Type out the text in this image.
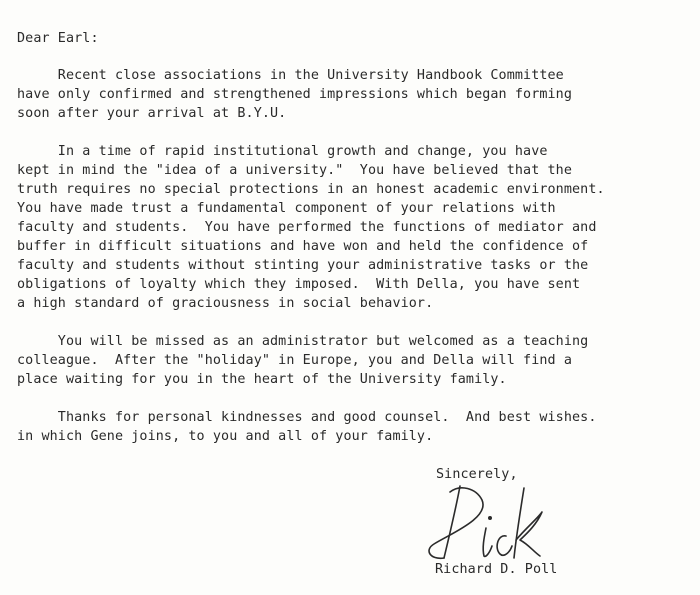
Dear Earl:
Recent close associations in the University Handbook Committee
have only confirmed and strengthened impressions which began forming
soon after your arrival at B.Y.U.
In a time of rapid institutional growth and change, you have
kept in mind the "idea of a university."  You have believed that the
truth requires no special protections in an honest academic environment.
You have made trust a fundamental component of your relations with
faculty and students.  You have performed the functions of mediator and
buffer in difficult situations and have won and held the confidence of
faculty and students without stinting your administrative tasks or the
obligations of loyalty which they imposed.  With Della, you have sent
a high standard of graciousness in social behavior.
You will be missed as an administrator but welcomed as a teaching
colleague.  After the "holiday" in Europe, you and Della will find a
place waiting for you in the heart of the University family.
Thanks for personal kindnesses and good counsel.  And best wishes.
in which Gene joins, to you and all of your family.
Sincerely,
Richard D. Poll
